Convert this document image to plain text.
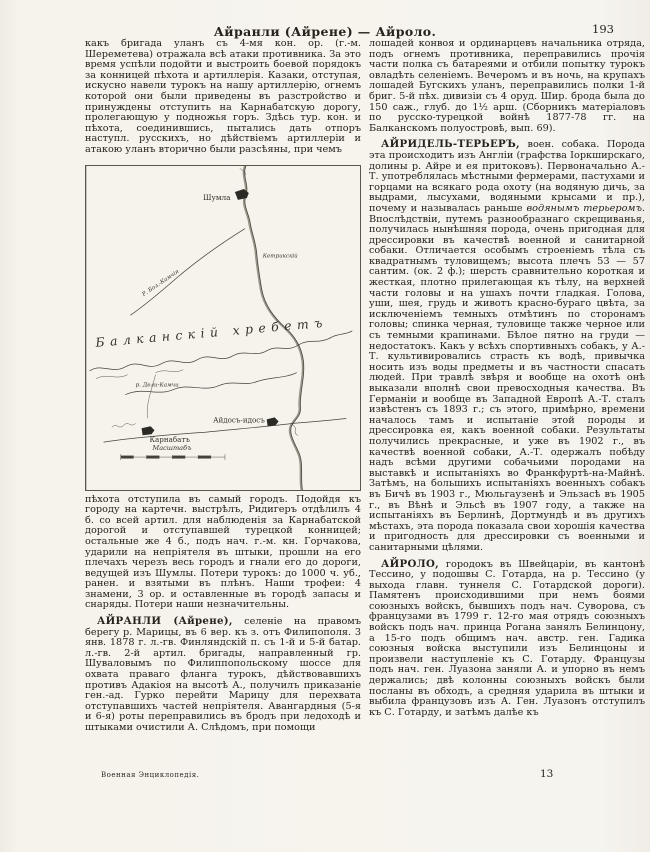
Айранли (Айрене) — Айроло.	193

какъ бригада уланъ съ 4-мя кон. ор. (г.-м. Шереметева) отражала всѣ атаки противника. За это время успѣли подойти и выстроить боевой порядокъ за конницей пѣхота и артиллерія. Казаки, отступая, искусно навели турокъ на нашу артиллерію, огнемъ которой они были приведены въ разстройство и принуждены отступить на Карнабатскую дорогу, пролегающую у подножья горъ. Здѣсь тур. кон. и пѣхота, соединившись, пытались дать отпоръ наступл. русскихъ, но дѣйствіемъ артиллеріи и атакою уланъ вторично были разсѣяны, при чемъ

Р. Бол.-Камчія
Балканскій хребетъ
р. Дели-Камчи
Шумла
Кетрикскій
Айдосъ-идосъ
Карнабатъ
Масштабъ

пѣхота отступила въ самый городъ. Подойдя къ городу на картечн. выстрѣлъ, Ридигеръ отдѣлилъ 4 б. со всей артил. для наблюденія за Карнабатской дорогой и отступавшей турецкой конницей; остальные же 4 б., подъ нач. г.-м. кн. Горчакова, ударили на непріятеля въ штыки, прошли на его плечахъ черезъ весь городъ и гнали его до дороги, ведущей изъ Шумлы. Потери турокъ: до 1000 ч. уб., ранен. и взятыми въ плѣнъ. Наши трофеи: 4 знамени, 3 ор. и оставленные въ городѣ запасы и снаряды. Потери наши незначительны.

АЙРАНЛИ (Айрене), селеніе на правомъ берегу р. Марицы, въ 6 вер. къ з. отъ Филипополя. 3 янв. 1878 г. л.-гв. Финляндскій п. съ 1-й и 5-й батар. л.-гв. 2-й артил. бригады, направленный гр. Шуваловымъ по Филиппопольскому шоссе для охвата праваго фланга турокъ, дѣйствовавшихъ противъ Адакіоя на высотѣ А., получилъ приказаніе ген.-ад. Гурко перейти Марицу для перехвата отступавшихъ частей непріятеля. Авангардныя (5-я и 6-я) роты переправились въ бродъ при ледоходѣ и штыками очистили А. Слѣдомъ, при помощи

лошадей конвоя и ординарцевъ начальника отряда, подъ огнемъ противника, переправились прочія части полка съ батареями и отбили попытку турокъ овладѣть селеніемъ. Вечеромъ и въ ночь, на крупахъ лошадей Бугскихъ уланъ, переправились полки 1-й бриг. 5-й пѣх. дивизіи съ 4 оруд. Шир. брода была до 150 саж., глуб. до 1½ арш. (Сборникъ матеріаловъ по русско-турецкой войнѣ 1877-78 гг. на Балканскомъ полуостровѣ, вып. 69).

АЙРИДЕЛЬ-ТЕРЬЕРЪ, воен. собака. Порода эта происходитъ изъ Англіи (графства Іоркширскаго, долины р. Айре и ея притоковъ). Первоначально А.-Т. употреблялась мѣстными фермерами, пастухами и горцами на всякаго рода охоту (на водяную дичь, за выдрами, лысухами, водяными крысами и пр.), почему и называлась раньше водянымъ терьеромъ. Впослѣдствіи, путемъ разнообразнаго скрещиванья, получилась нынѣшняя порода, очень пригодная для дрессировки въ качествѣ военной и санитарной собаки. Отличается особымъ строеніемъ тѣла съ квадратнымъ туловищемъ; высота плечъ 53 — 57 сантим. (ок. 2 ф.); шерсть сравнительно короткая и жесткая, плотно прилегающая къ тѣлу, на верхней части головы и на ушахъ почти гладкая. Голова, уши, шея, грудь и животъ красно-бураго цвѣта, за исключеніемъ темныхъ отмѣтинъ по сторонамъ головы; спинка черная, туловище также черное или съ темными крапинами. Бѣлое пятно на груди — недостатокъ. Какъ у всѣхъ спортивныхъ собакъ, у А.-Т. культивировались страсть къ водѣ, привычка носить изъ воды предметы и въ частности спасать людей. При травлѣ звѣря и вообще на охотѣ онѣ выказали вполнѣ свои превосходныя качества. Въ Германіи и вообще въ Западной Европѣ А.-Т. сталъ извѣстенъ съ 1893 г.; съ этого, примѣрно, времени началось тамъ и испытаніе этой породы и дрессировка ея, какъ военной собаки. Результаты получились прекрасные, и уже въ 1902 г., въ качествѣ военной собаки, А.-Т. одержалъ побѣду надъ всѣми другими собачьими породами на выставкѣ и испытаніяхъ во Франкфуртѣ-на-Майнѣ. Затѣмъ, на большихъ испытаніяхъ военныхъ собакъ въ Бичѣ въ 1903 г., Мюльгаузенѣ и Эльзасѣ въ 1905 г., въ Вѣнѣ и Эльсѣ въ 1907 году, а также на испытаніяхъ въ Берлинѣ, Дортмундѣ и въ другихъ мѣстахъ, эта порода показала свои хорошія качества и пригодность для дрессировки съ военными и санитарными цѣлями.

АЙРОЛО, городокъ въ Швейцаріи, въ кантонѣ Тессино, у подошвы С. Готарда, на р. Тессино (у выхода главн. туннеля С. Готардской дороги). Памятенъ происходившими при немъ боями союзныхъ войскъ, бывшихъ подъ нач. Суворова, съ французами въ 1799 г. 12-го мая отрядъ союзныхъ войскъ подъ нач. принца Рогана занялъ Белинцону, а 15-го подъ общимъ нач. австр. ген. Гадика союзныя войска выступили изъ Белинцоны и произвели наступленіе къ С. Готарду. Французы подъ нач. ген. Луазона заняли А. и упорно въ немъ держались; двѣ колонны союзныхъ войскъ были посланы въ обходъ, а средняя ударила въ штыки и выбила французовъ изъ А. Ген. Луазонъ отступилъ къ С. Готарду, и затѣмъ далѣе къ

Военная Энциклопедія.	13
